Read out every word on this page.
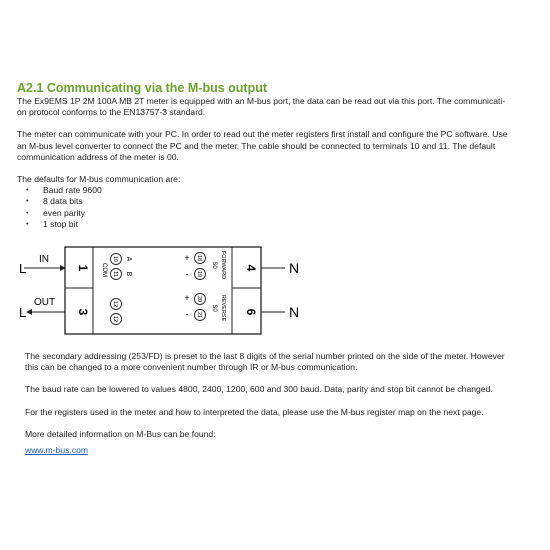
A2.1 Communicating via the M-bus output

The Ex9EMS 1P 2M 100A MB 2T meter is equipped with an M-bus port, the data can be read out via this port. The communicati-

on protocol conforms to the EN13757-3 standard.

The meter can communicate with your PC. In order to read out the meter registers first install and configure the PC software. Use

an M-bus level converter to connect the PC and the meter. The cable should be connected to terminals 10 and 11. The default

communication address of the meter is 00.

The defaults for M-bus communication are:

• Baud rate 9600
• 8 data bits
• even parity
• 1 stop bit
L
IN
L
OUT
1
3
4
6
COM
A
B
10
11
12
12
+
-
+
-
18
19
20
21
S0 FORWARD
S0 REVERSE
N
N

The secondary addressing (253/FD) is preset to the last 8 digits of the serial number printed on the side of the meter. However

this can be changed to a more convenient number through IR or M-bus communication.

The baud rate can be lowered to values 4800, 2400, 1200, 600 and 300 baud. Data, parity and stop bit cannot be changed.

For the registers used in the meter and how to interpreted the data, please use the M-bus register map on the next page.

More detailed information on M-Bus can be found:

www.m-bus.com
